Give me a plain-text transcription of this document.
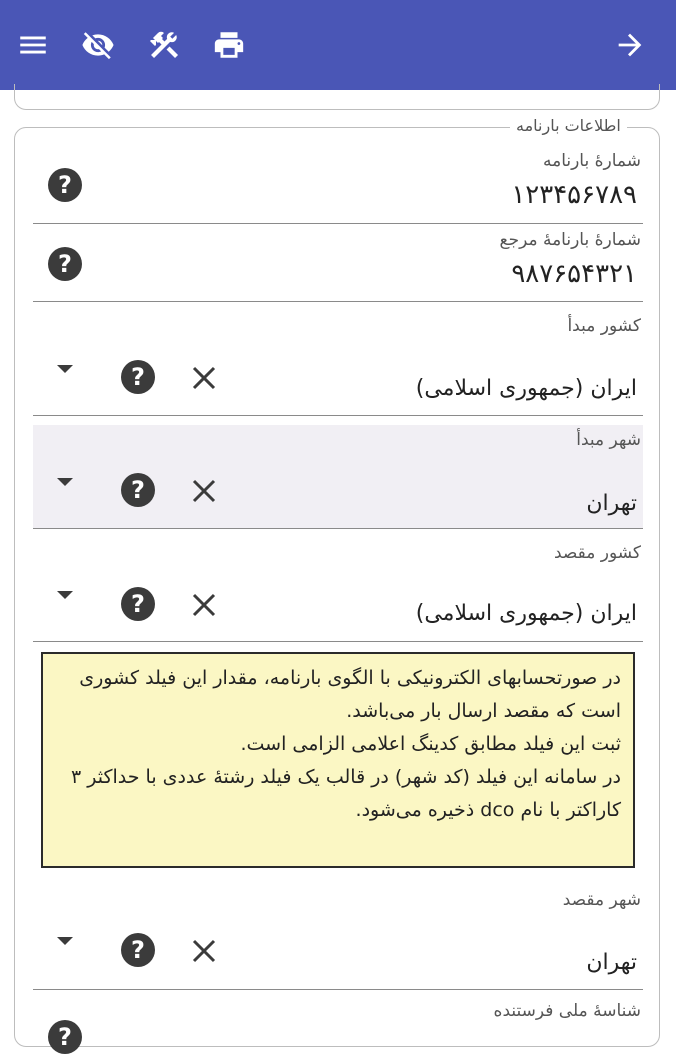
اطلاعات بارنامه
شمارهٔ بارنامه
۱۲۳۴۵۶۷۸۹
?
شمارهٔ بارنامهٔ مرجع
۹۸۷۶۵۴۳۲۱
?
کشور مبدأ
ایران (جمهوری اسلامی)
?
شهر مبدأ
تهران
?
کشور مقصد
ایران (جمهوری اسلامی)
?
در صورتحسابهای الکترونیکی با الگوی بارنامه، مقدار این فیلد کشوری است که مقصد ارسال بار می‌باشد.
ثبت این فیلد مطابق کدینگ اعلامی الزامی است.
در سامانه این فیلد (کد شهر) در قالب یک فیلد رشتهٔ عددی با حداکثر ۳ کاراکتر با نام dco ذخیره می‌شود.
شهر مقصد
تهران
?
شناسهٔ ملی فرستنده
?
